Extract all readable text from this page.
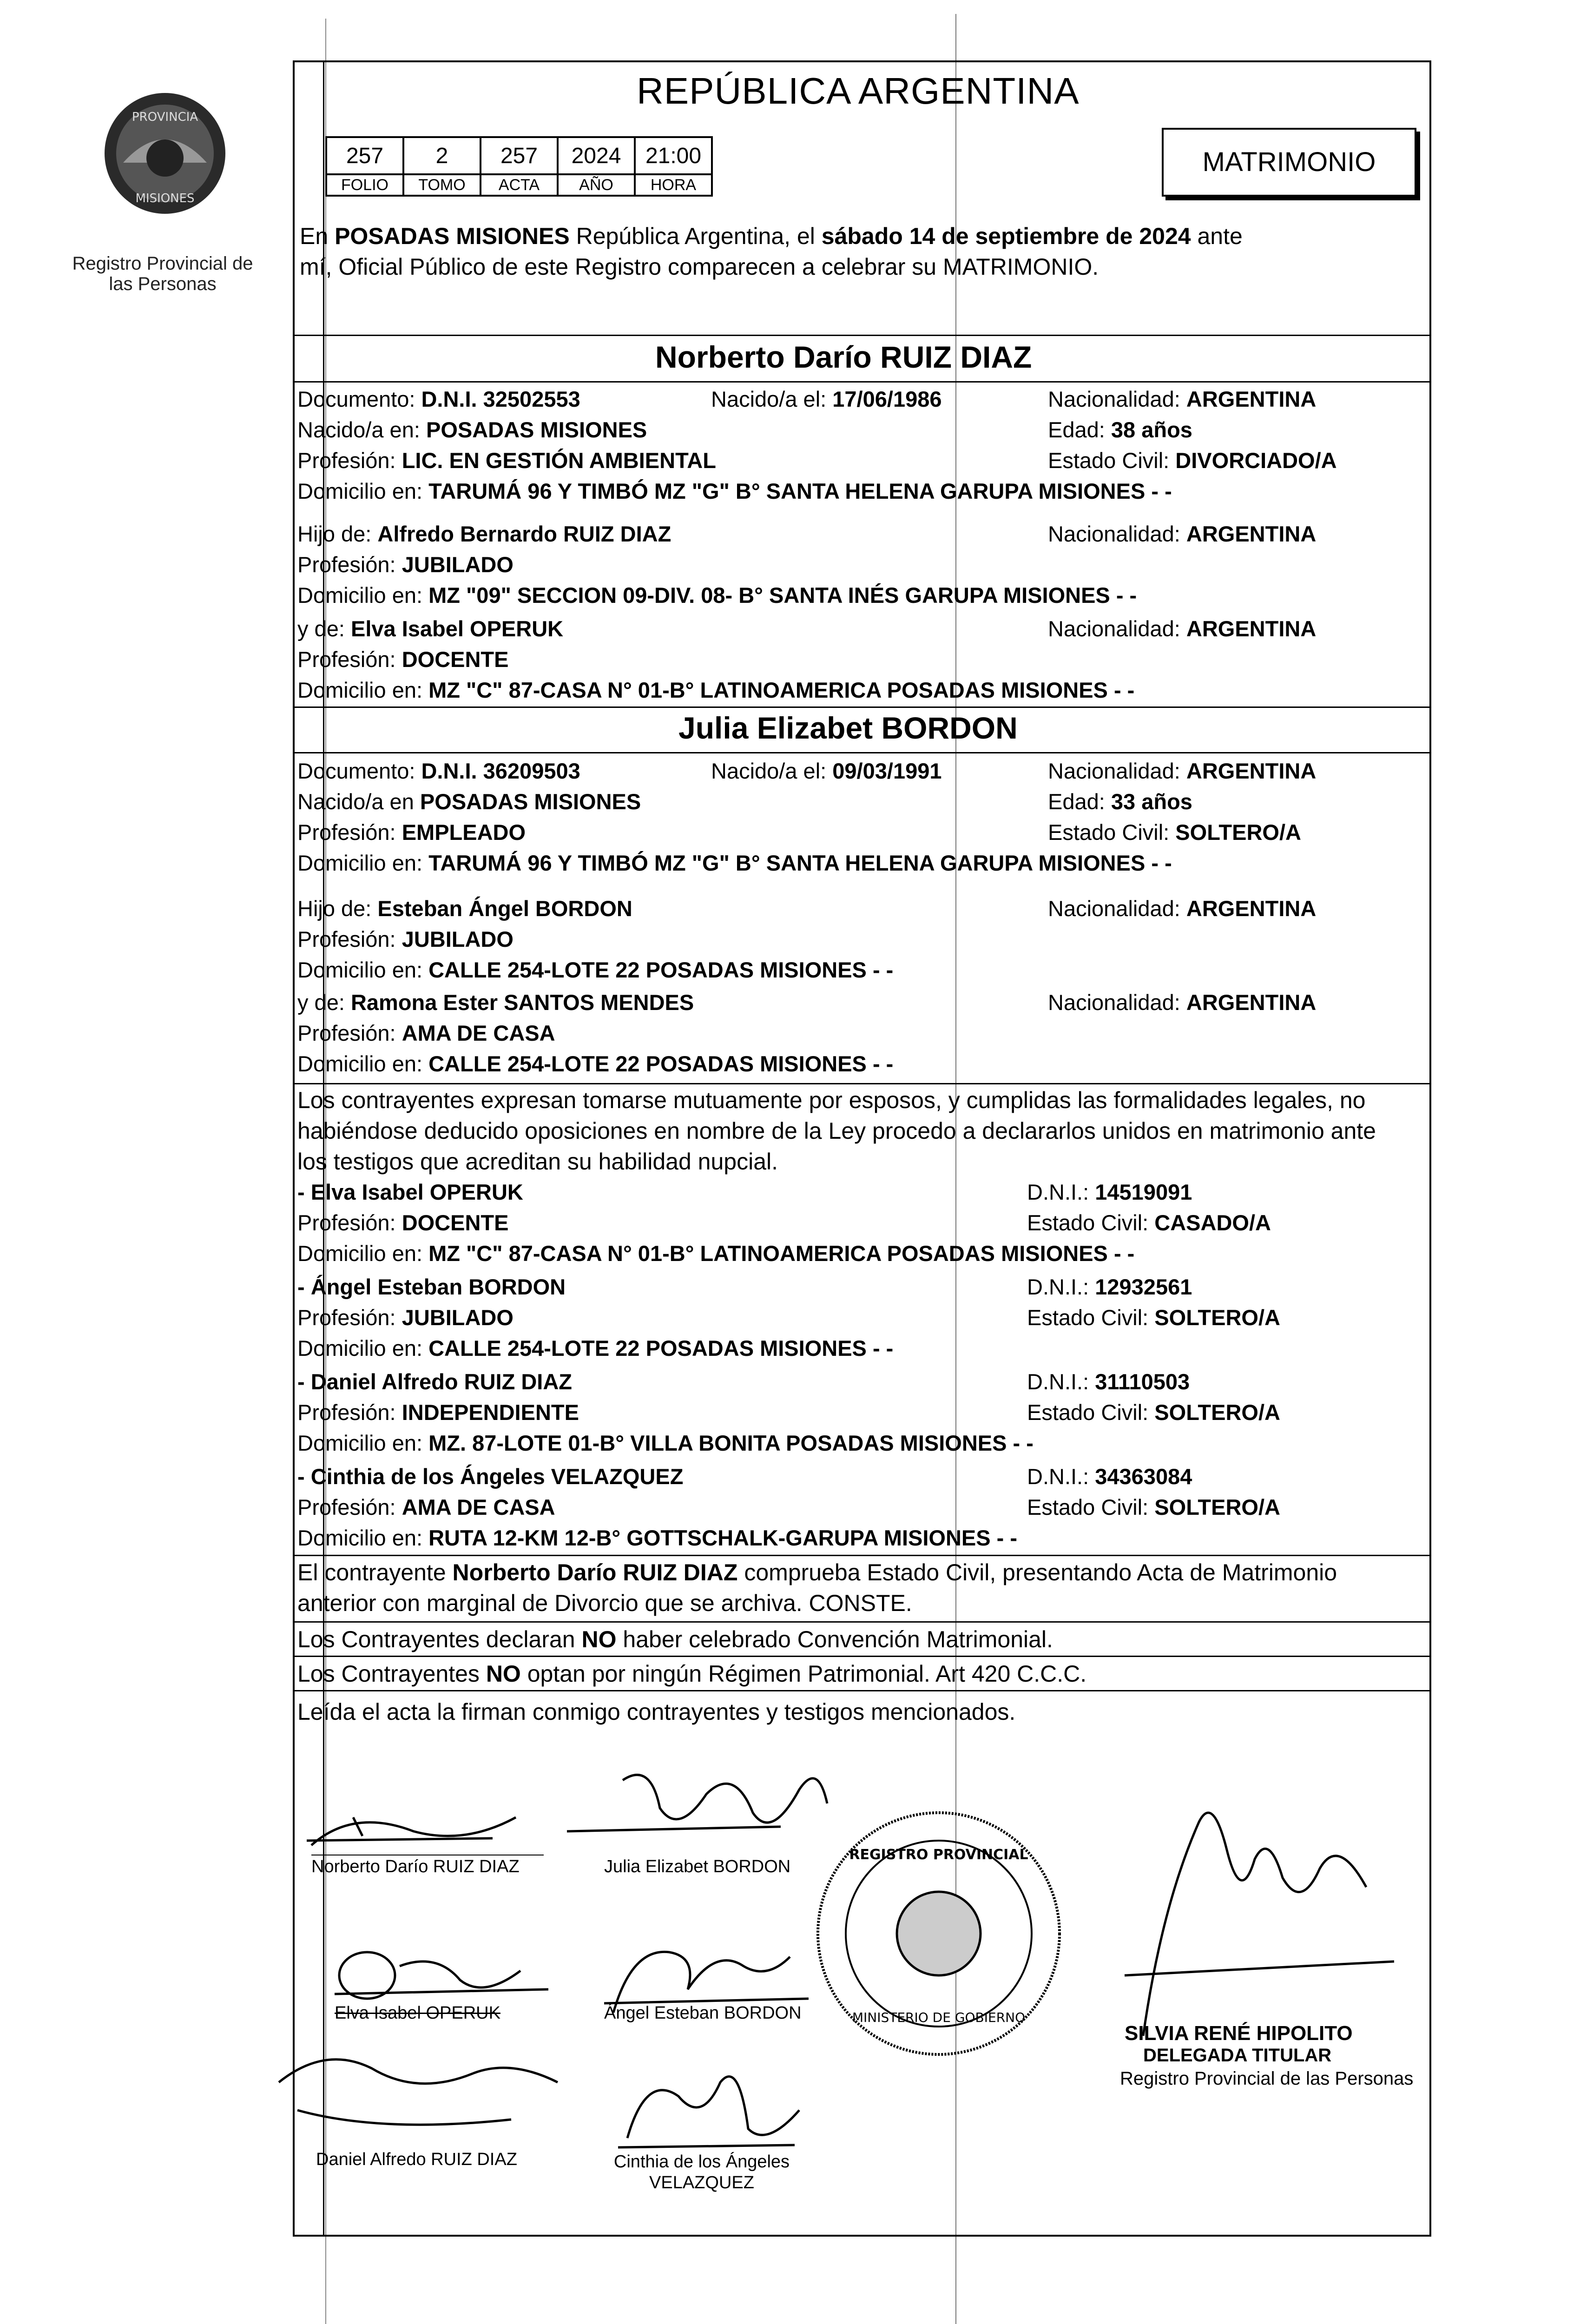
PROVINCIA
MISIONES
Registro Provincial de las Personas
REPÚBLICA ARGENTINA
257	2	257	2024	21:00
FOLIO	TOMO	ACTA	AÑO	HORA
MATRIMONIO
En POSADAS MISIONES República Argentina, el sábado 14 de septiembre de 2024 ante
mí, Oficial Público de este Registro comparecen a celebrar su MATRIMONIO.
Norberto Darío RUIZ DIAZ
Documento: D.N.I. 32502553	Nacido/a el: 17/06/1986	Nacionalidad: ARGENTINA
Nacido/a en: POSADAS MISIONES	Edad: 38 años
Profesión: LIC. EN GESTIÓN AMBIENTAL	Estado Civil: DIVORCIADO/A
Domicilio en: TARUMÁ 96 Y TIMBÓ MZ "G" B° SANTA HELENA GARUPA MISIONES - -
Hijo de: Alfredo Bernardo RUIZ DIAZ	Nacionalidad: ARGENTINA
Profesión: JUBILADO
Domicilio en: MZ "09" SECCION 09-DIV. 08- B° SANTA INÉS GARUPA MISIONES - -
y de: Elva Isabel OPERUK	Nacionalidad: ARGENTINA
Profesión: DOCENTE
Domicilio en: MZ "C" 87-CASA N° 01-B° LATINOAMERICA POSADAS MISIONES - -
Julia Elizabet BORDON
Documento: D.N.I. 36209503	Nacido/a el: 09/03/1991	Nacionalidad: ARGENTINA
Nacido/a en POSADAS MISIONES	Edad: 33 años
Profesión: EMPLEADO	Estado Civil: SOLTERO/A
Domicilio en: TARUMÁ 96 Y TIMBÓ MZ "G" B° SANTA HELENA GARUPA MISIONES - -
Hijo de: Esteban Ángel BORDON	Nacionalidad: ARGENTINA
Profesión: JUBILADO
Domicilio en: CALLE 254-LOTE 22 POSADAS MISIONES - -
y de: Ramona Ester SANTOS MENDES	Nacionalidad: ARGENTINA
Profesión: AMA DE CASA
Domicilio en: CALLE 254-LOTE 22 POSADAS MISIONES - -
Los contrayentes expresan tomarse mutuamente por esposos, y cumplidas las formalidades legales, no
habiéndose deducido oposiciones en nombre de la Ley procedo a declararlos unidos en matrimonio ante
los testigos que acreditan su habilidad nupcial.
- Elva Isabel OPERUK	D.N.I.: 14519091
Profesión: DOCENTE	Estado Civil: CASADO/A
Domicilio en: MZ "C" 87-CASA N° 01-B° LATINOAMERICA POSADAS MISIONES - -
- Ángel Esteban BORDON	D.N.I.: 12932561
Profesión: JUBILADO	Estado Civil: SOLTERO/A
Domicilio en: CALLE 254-LOTE 22 POSADAS MISIONES - -
- Daniel Alfredo RUIZ DIAZ	D.N.I.: 31110503
Profesión: INDEPENDIENTE	Estado Civil: SOLTERO/A
Domicilio en: MZ. 87-LOTE 01-B° VILLA BONITA POSADAS MISIONES - -
- Cinthia de los Ángeles VELAZQUEZ	D.N.I.: 34363084
Profesión: AMA DE CASA	Estado Civil: SOLTERO/A
Domicilio en: RUTA 12-KM 12-B° GOTTSCHALK-GARUPA MISIONES - -
El contrayente Norberto Darío RUIZ DIAZ comprueba Estado Civil, presentando Acta de Matrimonio
anterior con marginal de Divorcio que se archiva. CONSTE.
Los Contrayentes declaran NO haber celebrado Convención Matrimonial.
Los Contrayentes NO optan por ningún Régimen Patrimonial. Art 420 C.C.C.
Leída el acta la firman conmigo contrayentes y testigos mencionados.
Norberto Darío RUIZ DIAZ	Julia Elizabet BORDON
Elva Isabel OPERUK	Ángel Esteban BORDON
Daniel Alfredo RUIZ DIAZ	Cinthia de los Ángeles
VELAZQUEZ
REGISTRO PROVINCIAL
MINISTERIO DE GOBIERNO
SILVIA RENÉ HIPOLITO
DELEGADA TITULAR
Registro Provincial de las Personas
